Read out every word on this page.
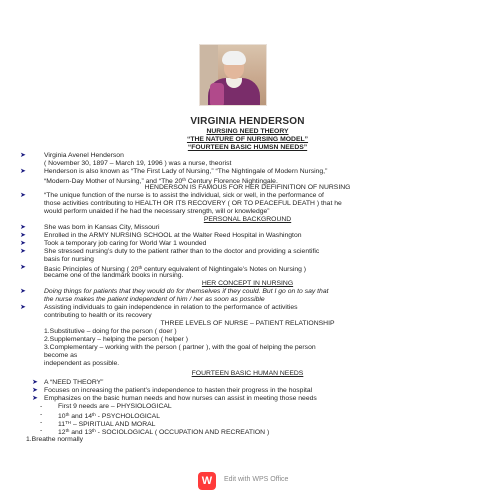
VIRGINIA HENDERSON
NURSING NEED THEORY
“THE NATURE OF NURSING MODEL”
“FOURTEEN BASIC HUMSN NEEDS”
➤	Virginia Avenel Henderson
( November 30, 1897 – March 19, 1996 ) was a nurse, theorist
➤	Henderson is also known as “The First Lady of Nursing,” “The Nightingale of Modern Nursing,”
“Modern-Day Mother of Nursing,” and “The 20th Century Florence Nightingale.
HENDERSON IS FAMOUS FOR HER DEFIFINITION OF NURSING
➤	“The unique function of the nurse is to assist the individual, sick or well, in the performance of
those activities contributing to HEALTH OR ITS RECOVERY ( OR TO PEACEFUL DEATH ) that he
would perform unaided if he had the necessary strength, will or knowledge”
PERSONAL BACKGROUND
➤	She was born in Kansas City, Missouri
➤	Enrolled in the ARMY NURSING SCHOOL at the Walter Reed Hospital in Washington
➤	Took a temporary job caring for World War 1 wounded
➤	She stressed nursing’s duty to the patient rather than to the doctor and providing a scientific
basis for nursing
➤	Basic Principles of Nursing ( 20th century equivalent of Nightingale’s Notes on Nursing )
became one of the landmark books in nursing.
HER CONCEPT IN NURSING
➤	Doing things for patients that they would do for themselves if they could. But I go on to say that
the nurse makes the patient independent of him / her as soon as possible
➤	Assisting individuals to gain independence in relation to the performance of activities
contributing to health or its recovery
THREE LEVELS OF NURSE – PATIENT RELATIONSHIP
1.Substitutive – doing for the person ( doer )
2.Supplementary – helping the person ( helper )
3.Complementary – working with the person ( partner ), with the goal of helping the person
become as
independent as possible.
FOURTEEN BASIC HUMAN NEEDS
➤ A “NEED THEORY”
➤ Focuses on increasing the patient’s independence to hasten their progress in the hospital
➤ Emphasizes on the basic human needs and how nurses can assist in meeting those needs
- First 9 needs are – PHYSIOLOGICAL
- 10th and 14th - PSYCHOLOGICAL
- 11TH – SPIRITUAL AND MORAL
- 12th and 13th - SOCIOLOGICAL ( OCCUPATION AND RECREATION )
1.Breathe normally
W	Edit with WPS Office
